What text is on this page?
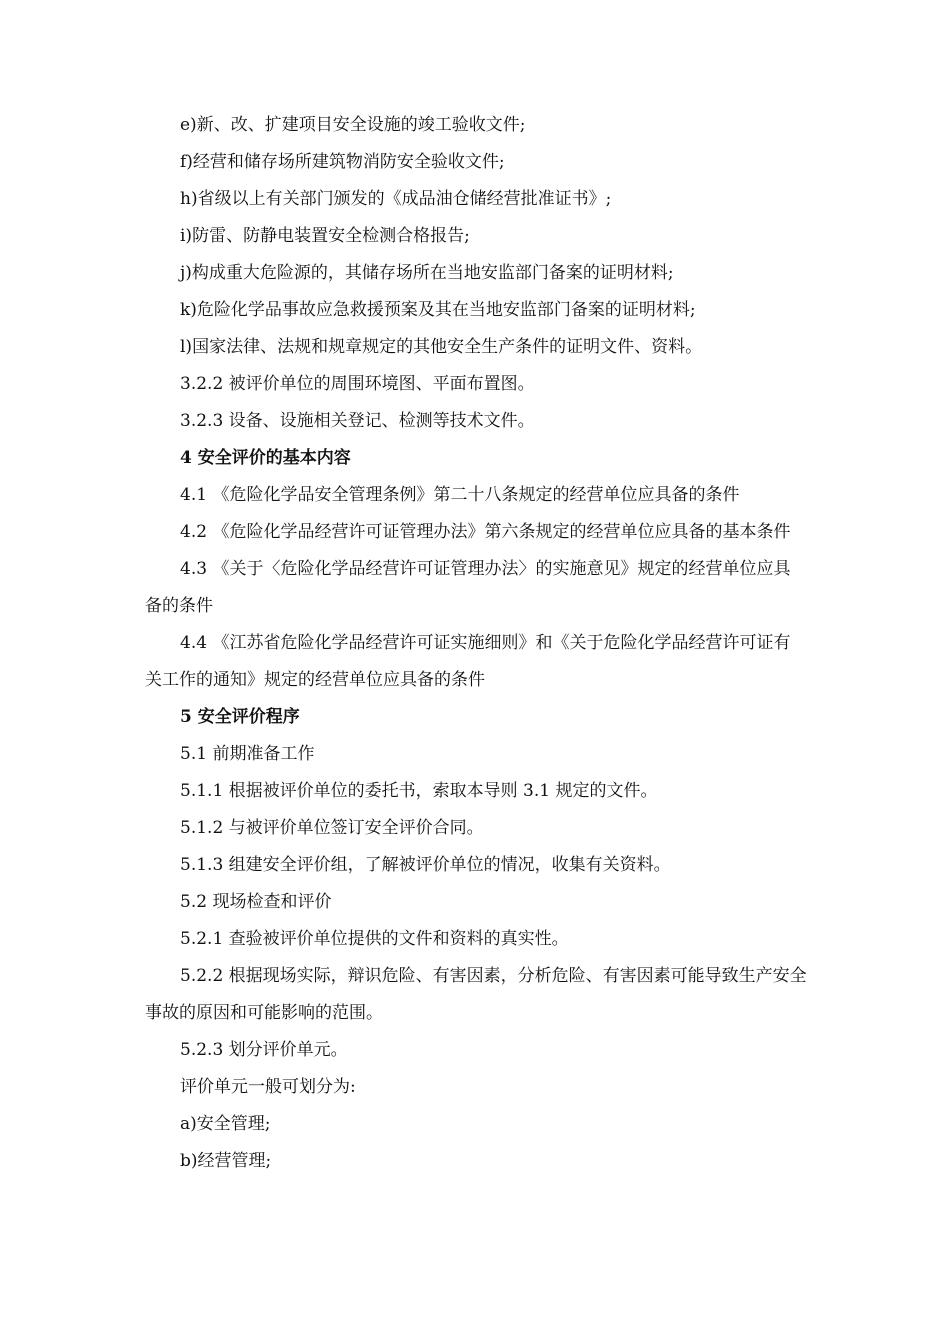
e)新、改、扩建项目安全设施的竣工验收文件;

f)经营和储存场所建筑物消防安全验收文件;

h)省级以上有关部门颁发的《成品油仓储经营批准证书》;

i)防雷、防静电装置安全检测合格报告;

j)构成重大危险源的，其储存场所在当地安监部门备案的证明材料;

k)危险化学品事故应急救援预案及其在当地安监部门备案的证明材料;

l)国家法律、法规和规章规定的其他安全生产条件的证明文件、资料。

3.2.2 被评价单位的周围环境图、平面布置图。

3.2.3 设备、设施相关登记、检测等技术文件。

4 安全评价的基本内容

4.1 《危险化学品安全管理条例》第二十八条规定的经营单位应具备的条件

4.2 《危险化学品经营许可证管理办法》第六条规定的经营单位应具备的基本条件

4.3 《关于〈危险化学品经营许可证管理办法〉的实施意见》规定的经营单位应具备的条件

4.4 《江苏省危险化学品经营许可证实施细则》和《关于危险化学品经营许可证有关工作的通知》规定的经营单位应具备的条件

5 安全评价程序

5.1 前期准备工作

5.1.1 根据被评价单位的委托书，索取本导则 3.1 规定的文件。

5.1.2 与被评价单位签订安全评价合同。

5.1.3 组建安全评价组，了解被评价单位的情况，收集有关资料。

5.2 现场检查和评价

5.2.1 查验被评价单位提供的文件和资料的真实性。

5.2.2 根据现场实际，辩识危险、有害因素，分析危险、有害因素可能导致生产安全事故的原因和可能影响的范围。

5.2.3 划分评价单元。

评价单元一般可划分为:

a)安全管理;

b)经营管理;
